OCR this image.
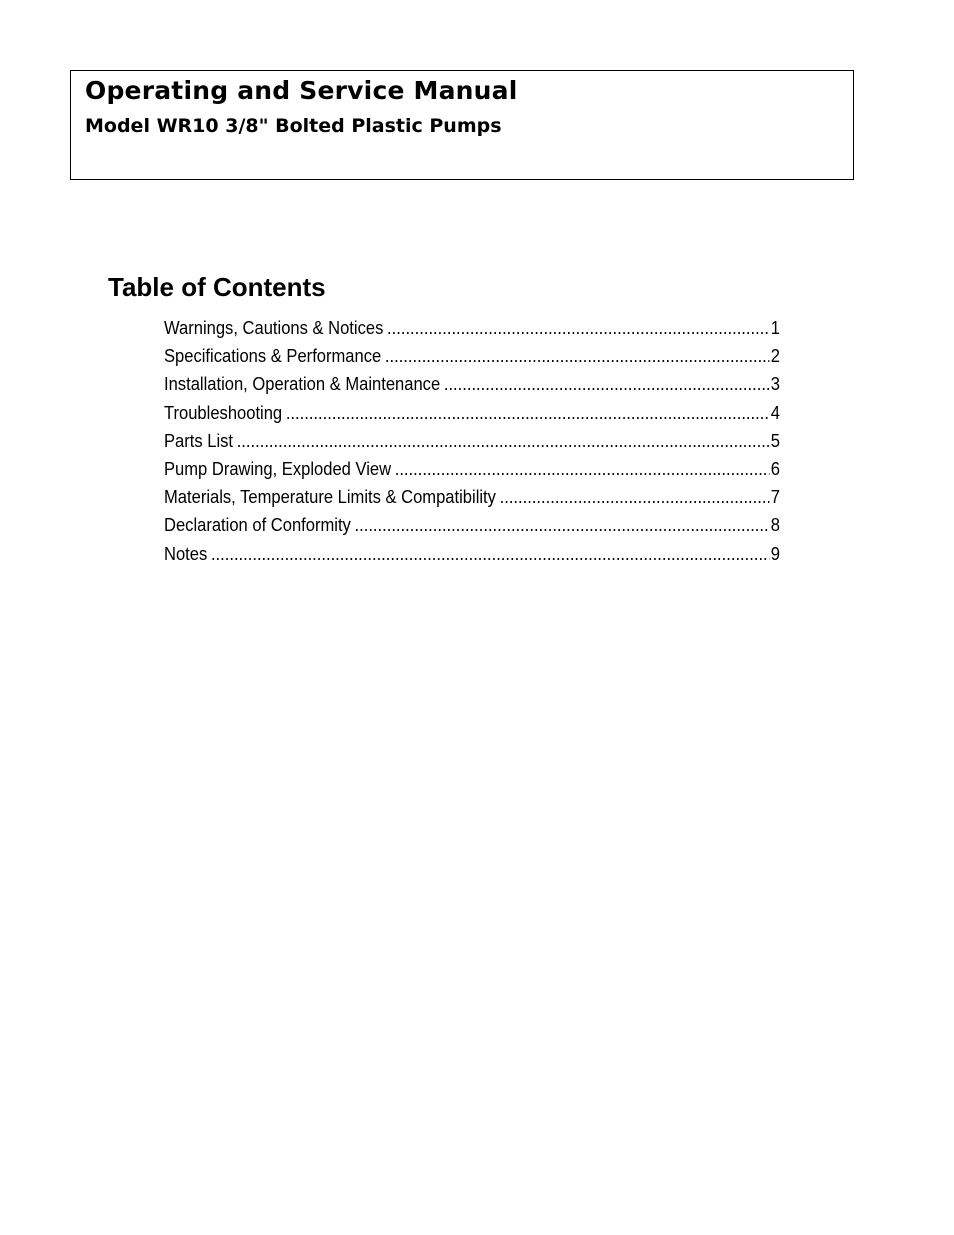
Operating and Service Manual
Model WR10 3/8" Bolted Plastic Pumps
Table of Contents
Warnings, Cautions & Notices .....	1
Specifications & Performance .....	2
Installation, Operation & Maintenance .....	3
Troubleshooting .....	4
Parts List .....	5
Pump Drawing, Exploded View .....	6
Materials, Temperature Limits & Compatibility .....	7
Declaration of Conformity .....	8
Notes .....	9
